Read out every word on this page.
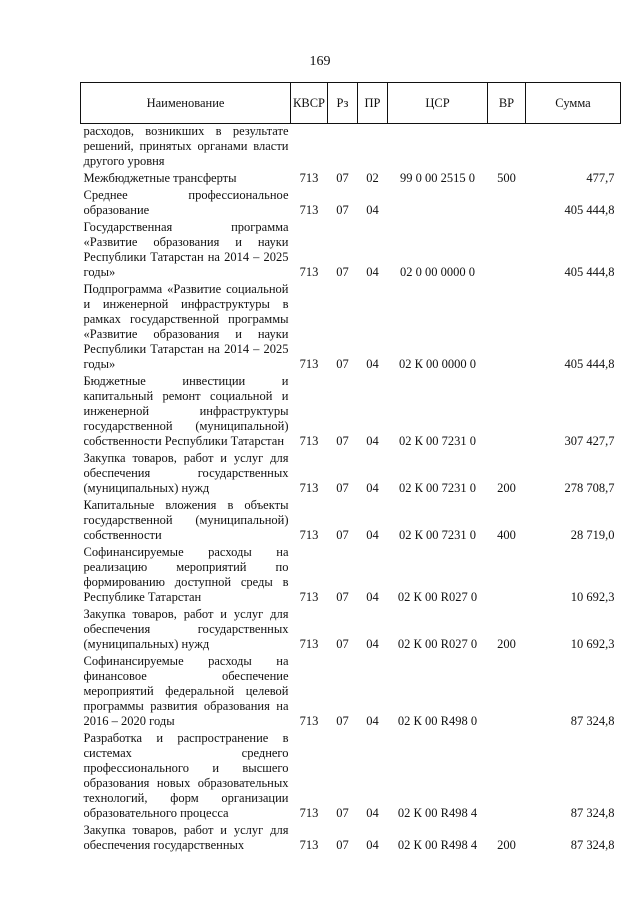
169
Наименование	КВСР	Рз	ПР	ЦСР	ВР	Сумма
расходов, возникших в результате решений, принятых органами власти другого уровня						
Межбюджетные трансферты	713	07	02	99 0 00 2515 0	500	477,7
Среднее профессиональное образование	713	07	04			405 444,8
Государственная программа «Развитие образования и науки Республики Татарстан на 2014 – 2025 годы»	713	07	04	02 0 00 0000 0		405 444,8
Подпрограмма «Развитие социальной и инженерной инфраструктуры в рамках государственной программы «Развитие образования и науки Республики Татарстан на 2014 – 2025 годы»	713	07	04	02 К 00 0000 0		405 444,8
Бюджетные инвестиции и капитальный ремонт социальной и инженерной инфраструктуры государственной (муниципальной) собственности Республики Татарстан	713	07	04	02 К 00 7231 0		307 427,7
Закупка товаров, работ и услуг для обеспечения государственных (муниципальных) нужд	713	07	04	02 К 00 7231 0	200	278 708,7
Капитальные вложения в объекты государственной (муниципальной) собственности	713	07	04	02 К 00 7231 0	400	28 719,0
Софинансируемые расходы на реализацию мероприятий по формированию доступной среды в Республике Татарстан	713	07	04	02 К 00 R027 0		10 692,3
Закупка товаров, работ и услуг для обеспечения государственных (муниципальных) нужд	713	07	04	02 К 00 R027 0	200	10 692,3
Софинансируемые расходы на финансовое обеспечение мероприятий федеральной целевой программы развития образования на 2016 – 2020 годы	713	07	04	02 К 00 R498 0		87 324,8
Разработка и распространение в системах среднего профессионального и высшего образования новых образовательных технологий, форм организации образовательного процесса	713	07	04	02 К 00 R498 4		87 324,8
Закупка товаров, работ и услуг для обеспечения государственных	713	07	04	02 К 00 R498 4	200	87 324,8
